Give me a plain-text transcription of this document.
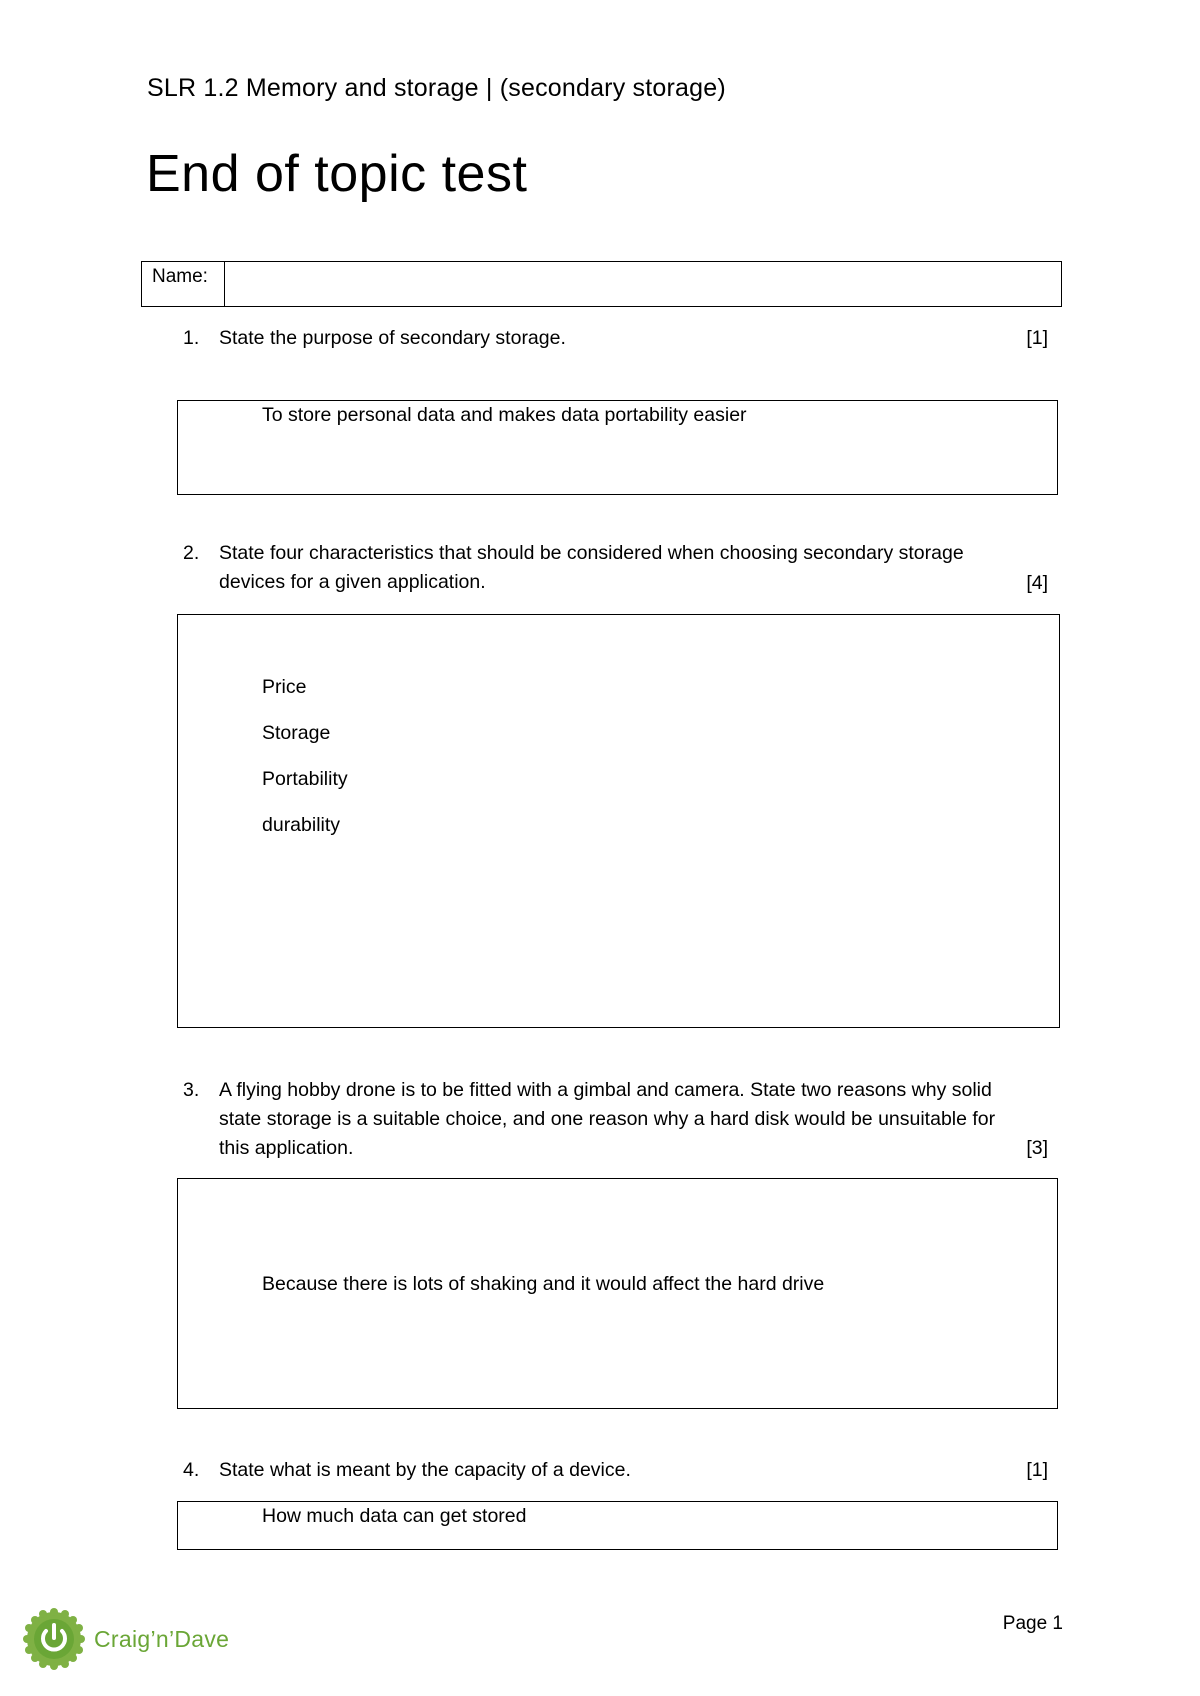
SLR 1.2 Memory and storage | (secondary storage)
End of topic test
Name:
1. State the purpose of secondary storage.	[1]
To store personal data and makes data portability easier
2. State four characteristics that should be considered when choosing secondary storage devices for a given application.	[4]
Price
Storage
Portability
durability
3. A flying hobby drone is to be fitted with a gimbal and camera. State two reasons why solid state storage is a suitable choice, and one reason why a hard disk would be unsuitable for this application.	[3]
Because there is lots of shaking and it would affect the hard drive
4. State what is meant by the capacity of a device.	[1]
How much data can get stored
Page 1
Craig’n’Dave
